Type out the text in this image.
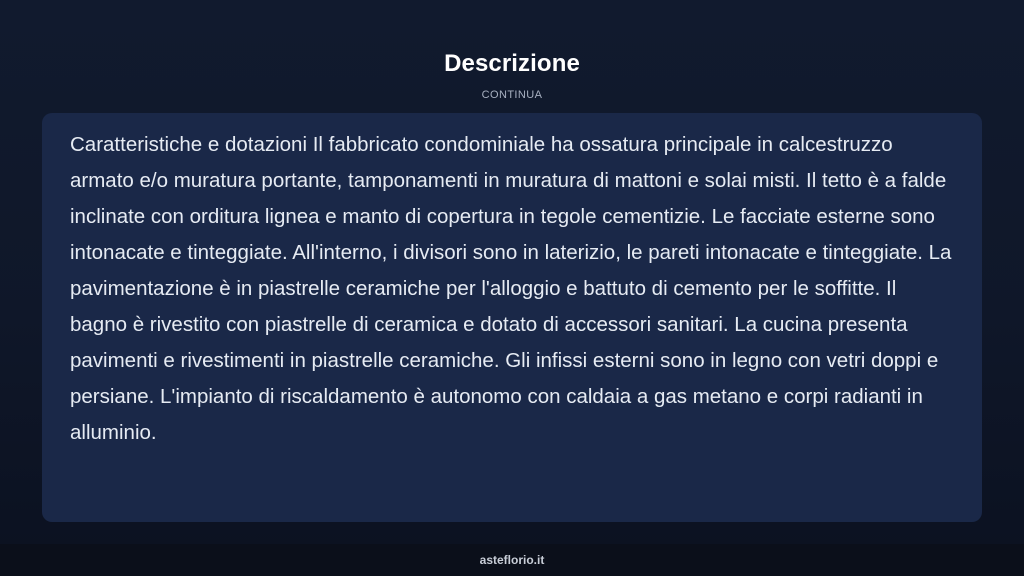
Descrizione
CONTINUA

Caratteristiche e dotazioni Il fabbricato condominiale ha ossatura principale in calcestruzzo armato e/o muratura portante, tamponamenti in muratura di mattoni e solai misti. Il tetto è a falde inclinate con orditura lignea e manto di copertura in tegole cementizie. Le facciate esterne sono intonacate e tinteggiate. All'interno, i divisori sono in laterizio, le pareti intonacate e tinteggiate. La pavimentazione è in piastrelle ceramiche per l'alloggio e battuto di cemento per le soffitte. Il bagno è rivestito con piastrelle di ceramica e dotato di accessori sanitari. La cucina presenta pavimenti e rivestimenti in piastrelle ceramiche. Gli infissi esterni sono in legno con vetri doppi e persiane. L'impianto di riscaldamento è autonomo con caldaia a gas metano e corpi radianti in alluminio.

asteflorio.it
